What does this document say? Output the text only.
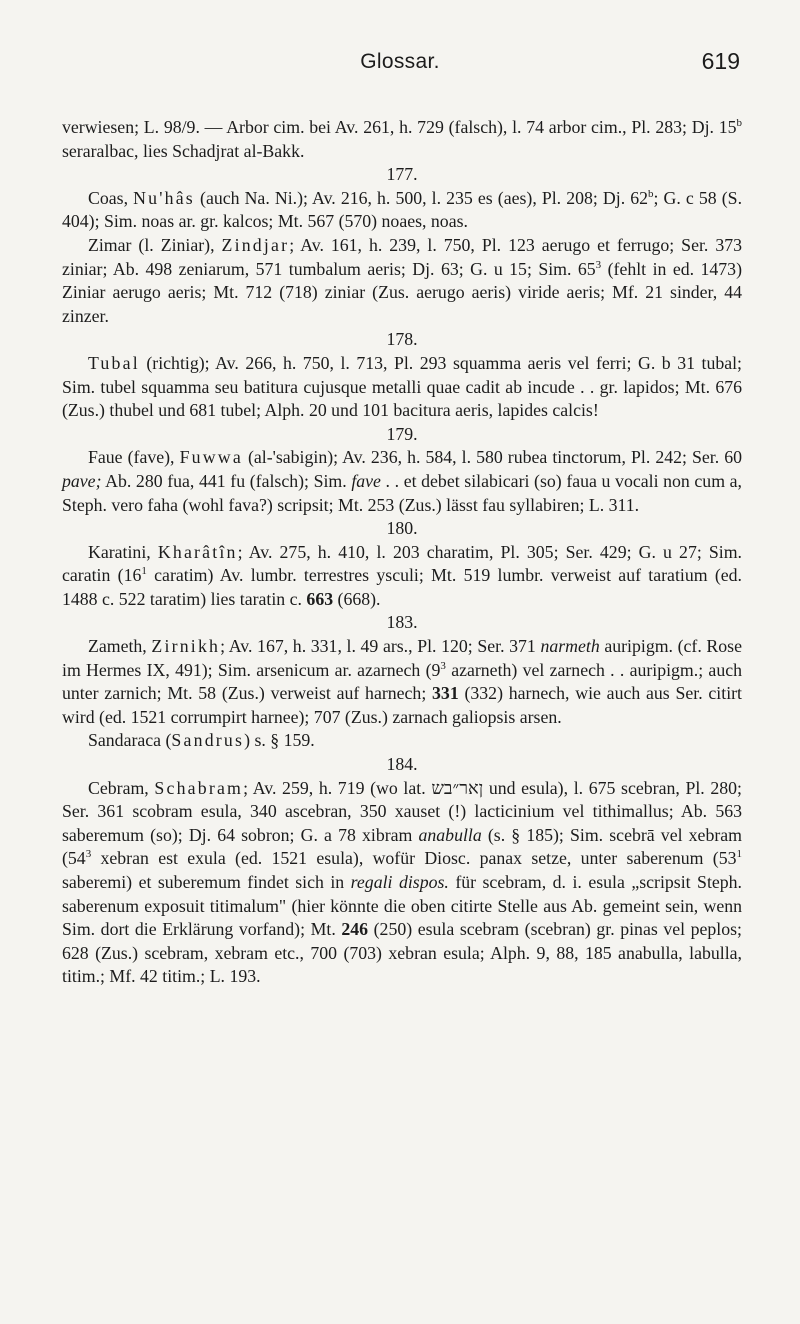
Glossar.	619

verwiesen; L. 98/9. — Arbor cim. bei Av. 261, h. 729 (falsch), l. 74 arbor cim., Pl. 283; Dj. 15$^b$ seraralbac, lies Schadjrat al-Bakk.

177.

Coas, Nu'hâs (auch Na. Ni.); Av. 216, h. 500, l. 235 es (aes), Pl. 208; Dj. 62$^b$; G. c 58 (S. 404); Sim. noas ar. gr. kalcos; Mt. 567 (570) noaes, noas.

Zimar (l. Ziniar), Zindjar; Av. 161, h. 239, l. 750, Pl. 123 aerugo et ferrugo; Ser. 373 ziniar; Ab. 498 zeniarum, 571 tumbalum aeris; Dj. 63; G. u 15; Sim. $65^3$ (fehlt in ed. 1473) Ziniar aerugo aeris; Mt. 712 (718) ziniar (Zus. aerugo aeris) viride aeris; Mf. 21 sinder, 44 zinzer.

178.

Tubal (richtig); Av. 266, h. 750, l. 713, Pl. 293 squamma aeris vel ferri; G. b 31 tubal; Sim. tubel squamma seu batitura cujusque metalli quae cadit ab incude . . gr. lapidos; Mt. 676 (Zus.) thubel und 681 tubel; Alph. 20 und 101 bacitura aeris, lapides calcis!

179.

Faue (fave), Fuwwa (al-'sabigin); Av. 236, h. 584, l. 580 rubea tinctorum, Pl. 242; Ser. 60 pave; Ab. 280 fua, 441 fu (falsch); Sim. fave . . et debet silabicari (so) faua u vocali non cum a, Steph. vero faha (wohl fava?) scripsit; Mt. 253 (Zus.) lässt fau syllabiren; L. 311.

180.

Karatini, Kharâtîn; Av. 275, h. 410, l. 203 charatim, Pl. 305; Ser. 429; G. u 27; Sim. caratin ($16^1$ caratim) Av. lumbr. terrestres ysculi; Mt. 519 lumbr. verweist auf taratium (ed. 1488 c. 522 taratim) lies taratin c. 663 (668).

183.

Zameth, Zirnikh; Av. 167, h. 331, l. 49 ars., Pl. 120; Ser. 371 narmeth auripigm. (cf. Rose im Hermes IX, 491); Sim. arsenicum ar. azarnech ($9^3$ azarneth) vel zarnech . . auripigm.; auch unter zarnich; Mt. 58 (Zus.) verweist auf harnech; 331 (332) harnech, wie auch aus Ser. citirt wird (ed. 1521 corrumpirt harnee); 707 (Zus.) zarnach galiopsis arsen.

Sandaraca (Sandrus) s. § 159.

184.

Cebram, Schabram; Av. 259, h. 719 (wo lat. ןאר״בש und esula), l. 675 scebran, Pl. 280; Ser. 361 scobram esula, 340 ascebran, 350 xauset (!) lacticinium vel tithimallus; Ab. 563 saberemum (so); Dj. 64 sobron; G. a 78 xibram anabulla (s. § 185); Sim. scebrā vel xebram ($54^3$ xebran est exula (ed. 1521 esula), wofür Diosc. panax setze, unter saberenum ($53^1$ saberemi) et suberemum findet sich in regali dispos. für scebram, d. i. esula „scripsit Steph. saberenum exposuit titimalum" (hier könnte die oben citirte Stelle aus Ab. gemeint sein, wenn Sim. dort die Erklärung vorfand); Mt. 246 (250) esula scebram (scebran) gr. pinas vel peplos; 628 (Zus.) scebram, xebram etc., 700 (703) xebran esula; Alph. 9, 88, 185 anabulla, labulla, titim.; Mf. 42 titim.; L. 193.
